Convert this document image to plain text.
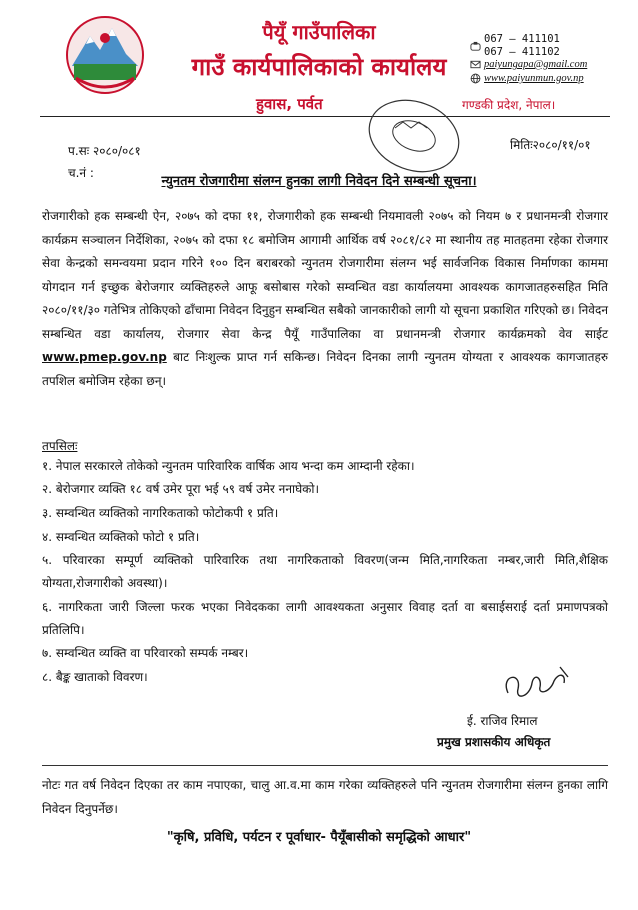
पैयूँ गाउँपालिका
गाउँ कार्यपालिकाको कार्यालय
हुवास, पर्वत	गण्डकी प्रदेश, नेपाल।
067 – 411101
067 – 411102
paiyungapa@gmail.com
www.paiyunmun.gov.np
प.सः २०८०/०८१
च.नं :
मितिः२०८०/११/०१
न्युनतम रोजगारीमा संलग्न हुनका लागी निवेदन दिने सम्बन्धी सूचना।
रोजगारीको हक सम्बन्धी ऐन, २०७५ को दफा ११, रोजगारीको हक सम्बन्धी नियमावली २०७५ को नियम ७ र प्रधानमन्त्री रोजगार कार्यक्रम सञ्चालन निर्देशिका, २०७५ को दफा १८ बमोजिम आगामी आर्थिक वर्ष २०८१/८२ मा स्थानीय तह मातहतमा रहेका रोजगार सेवा केन्द्रको समन्वयमा प्रदान गरिने १०० दिन बराबरको न्युनतम रोजगारीमा संलग्न भई सार्वजनिक विकास निर्माणका काममा योगदान गर्न इच्छुक बेरोजगार व्यक्तिहरुले आफू बसोबास गरेको सम्वन्धित वडा कार्यालयमा आवश्यक कागजातहरुसहित मिति २०८०/११/३० गतेभित्र तोकिएको ढाँचामा निवेदन दिनुहुन सम्बन्धित सबैको जानकारीको लागी यो सूचना प्रकाशित गरिएको छ। निवेदन सम्बन्धित वडा कार्यालय, रोजगार सेवा केन्द्र पैयूँ गाउँपालिका वा प्रधानमन्त्री रोजगार कार्यक्रमको वेव साईट www.pmep.gov.np बाट निःशुल्क प्राप्त गर्न सकिन्छ। निवेदन दिनका लागी न्युनतम योग्यता र आवश्यक कागजातहरु तपशिल बमोजिम रहेका छन्।
तपसिलः
१. नेपाल सरकारले तोकेको न्युनतम पारिवारिक वार्षिक आय भन्दा कम आम्दानी रहेका।
२. बेरोजगार व्यक्ति १८ वर्ष उमेर पूरा भई ५९ वर्ष उमेर ननाघेको।
३. सम्वन्धित व्यक्तिको नागरिकताको फोटोकपी १ प्रति।
४. सम्वन्धित व्यक्तिको फोटो १ प्रति।
५. परिवारका सम्पूर्ण व्यक्तिको पारिवारिक तथा नागरिकताको विवरण(जन्म मिति,नागरिकता नम्बर,जारी मिति,शैक्षिक योग्यता,रोजगारीको अवस्था)।
६. नागरिकता जारी जिल्ला फरक भएका निवेदकका लागी आवश्यकता अनुसार विवाह दर्ता वा बसाईसराई दर्ता प्रमाणपत्रको प्रतिलिपि।
७. सम्वन्धित व्यक्ति वा परिवारको सम्पर्क नम्बर।
८. बैङ्क खाताको विवरण।
ई. राजिव रिमाल
प्रमुख प्रशासकीय अधिकृत
नोटः गत वर्ष निवेदन दिएका तर काम नपाएका, चालु आ.व.मा काम गरेका व्यक्तिहरुले पनि न्युनतम रोजगारीमा संलग्न हुनका लागि निवेदन दिनुपर्नेछ।
"कृषि, प्रविधि, पर्यटन र पूर्वाधार- पैयूँबासीको समृद्धिको आधार"
